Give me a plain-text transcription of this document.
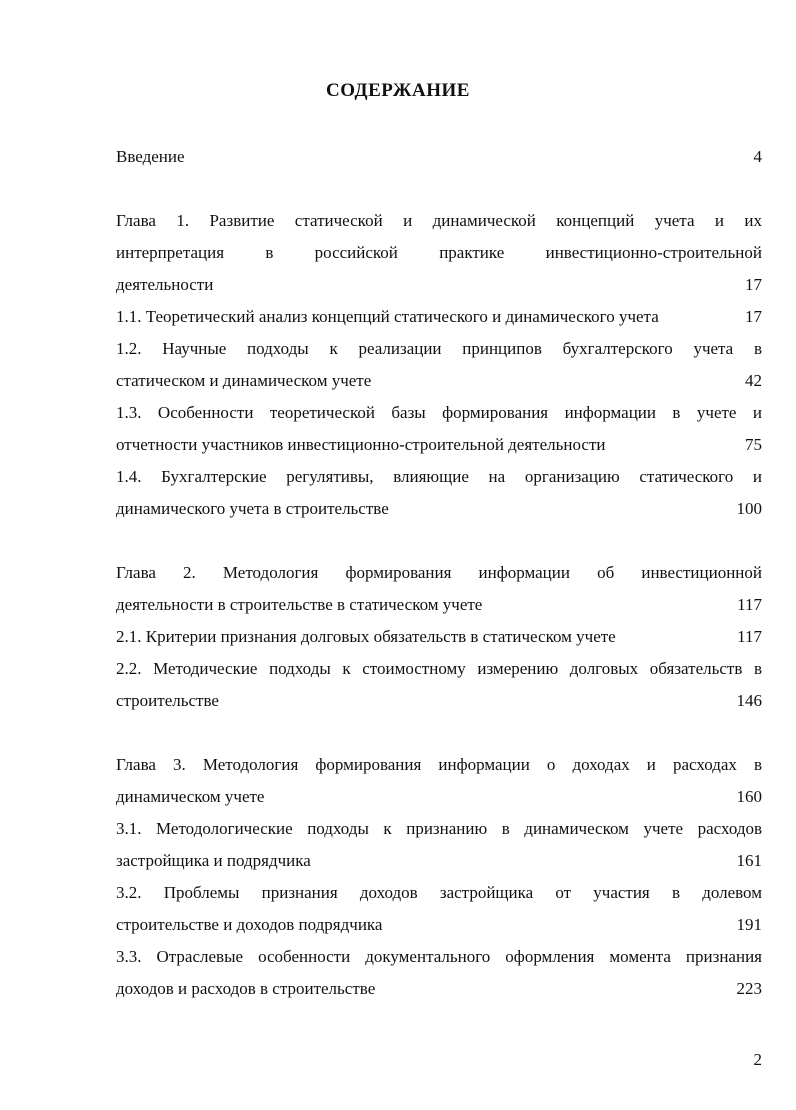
СОДЕРЖАНИЕ
Введение	4
Глава 1. Развитие статической и динамической концепций учета и их
интерпретация в российской практике инвестиционно-строительной
деятельности	17
1.1. Теоретический анализ концепций статического и динамического учета	17
1.2. Научные подходы к реализации принципов бухгалтерского учета в
статическом и динамическом учете	42
1.3. Особенности теоретической базы формирования информации в учете и
отчетности участников инвестиционно-строительной деятельности	75
1.4. Бухгалтерские регулятивы, влияющие на организацию статического и
динамического учета в строительстве	100
Глава 2. Методология формирования информации об инвестиционной
деятельности в строительстве в статическом учете	117
2.1. Критерии признания долговых обязательств в статическом учете	117
2.2. Методические подходы к стоимостному измерению долговых обязательств в
строительстве	146
Глава 3. Методология формирования информации о доходах и расходах в
динамическом учете	160
3.1. Методологические подходы к признанию в динамическом учете расходов
застройщика и подрядчика	161
3.2. Проблемы признания доходов застройщика от участия в долевом
строительстве и доходов подрядчика	191
3.3. Отраслевые особенности документального оформления момента признания
доходов и расходов в строительстве	223
2
